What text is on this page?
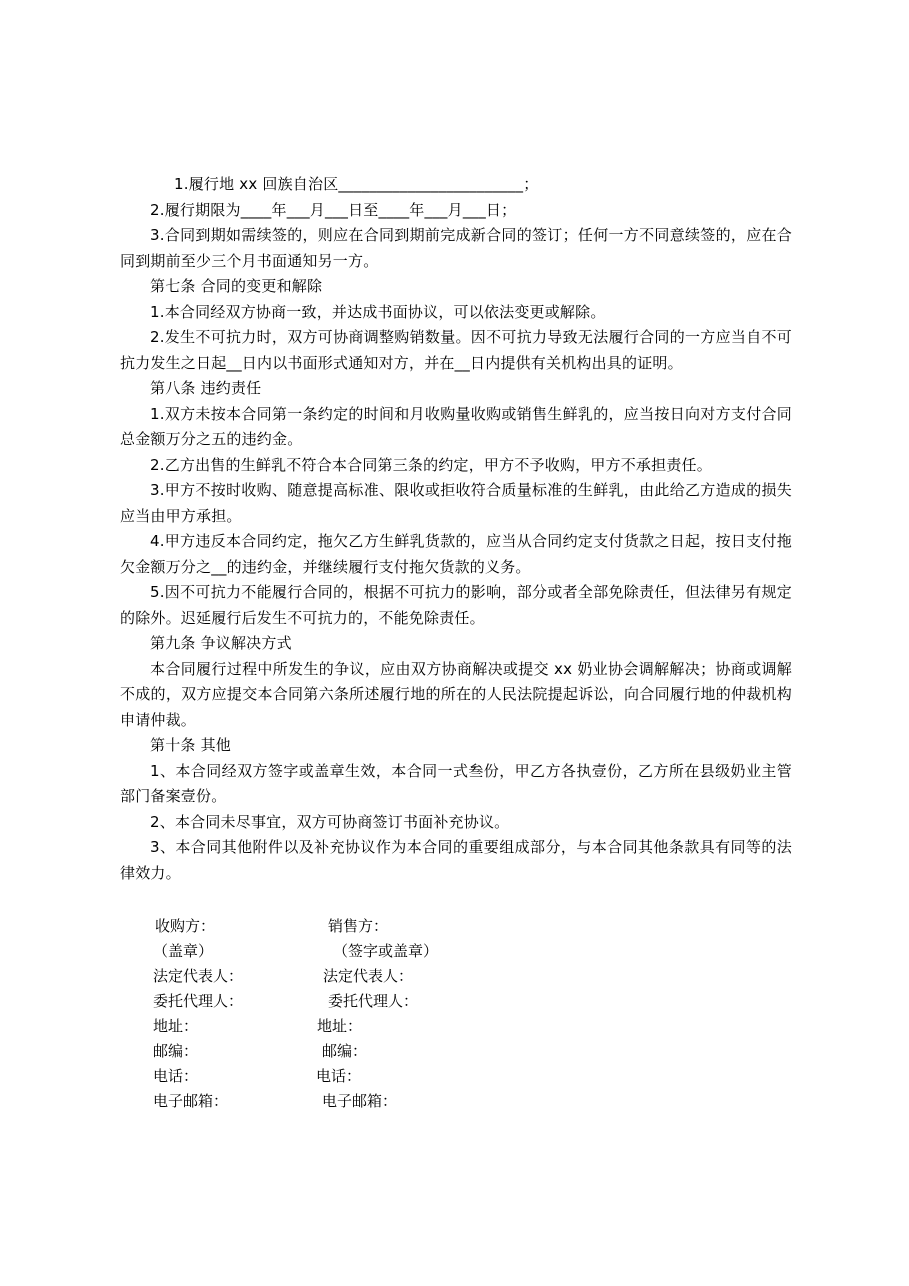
1.履行地 xx 回族自治区________________________；

2.履行期限为____年___月___日至____年___月___日；

3.合同到期如需续签的，则应在合同到期前完成新合同的签订；任何一方不同意续签的，应在合同到期前至少三个月书面通知另一方。

第七条 合同的变更和解除

1.本合同经双方协商一致，并达成书面协议，可以依法变更或解除。

2.发生不可抗力时，双方可协商调整购销数量。因不可抗力导致无法履行合同的一方应当自不可抗力发生之日起__日内以书面形式通知对方，并在__日内提供有关机构出具的证明。

第八条 违约责任

1.双方未按本合同第一条约定的时间和月收购量收购或销售生鲜乳的，应当按日向对方支付合同总金额万分之五的违约金。

2.乙方出售的生鲜乳不符合本合同第三条的约定，甲方不予收购，甲方不承担责任。

3.甲方不按时收购、随意提高标准、限收或拒收符合质量标准的生鲜乳，由此给乙方造成的损失应当由甲方承担。

4.甲方违反本合同约定，拖欠乙方生鲜乳货款的，应当从合同约定支付货款之日起，按日支付拖欠金额万分之__的违约金，并继续履行支付拖欠货款的义务。

5.因不可抗力不能履行合同的，根据不可抗力的影响，部分或者全部免除责任，但法律另有规定的除外。迟延履行后发生不可抗力的，不能免除责任。

第九条 争议解决方式

本合同履行过程中所发生的争议，应由双方协商解决或提交 xx 奶业协会调解解决；协商或调解不成的，双方应提交本合同第六条所述履行地的所在的人民法院提起诉讼，向合同履行地的仲裁机构申请仲裁。

第十条 其他

1、本合同经双方签字或盖章生效，本合同一式叁份，甲乙方各执壹份，乙方所在县级奶业主管部门备案壹份。

2、本合同未尽事宜，双方可协商签订书面补充协议。

3、本合同其他附件以及补充协议作为本合同的重要组成部分，与本合同其他条款具有同等的法律效力。

收购方：	销售方：
（盖章）	（签字或盖章）
法定代表人：	法定代表人：
委托代理人：	委托代理人：
地址：	地址：
邮编：	邮编：
电话：	电话：
电子邮箱：	电子邮箱：
